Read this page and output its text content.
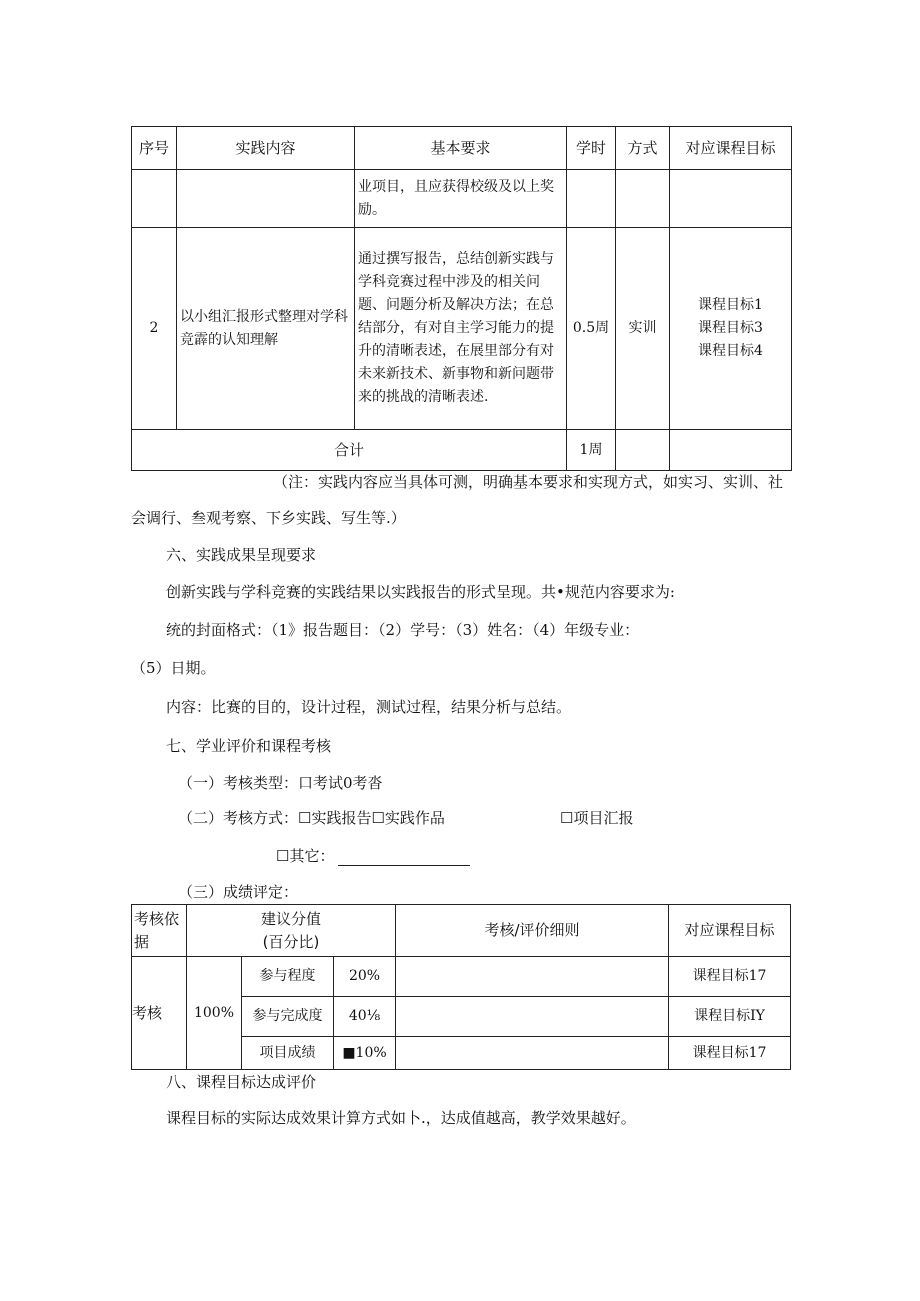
序号	实践内容	基本要求	学时	方式	对应课程目标
		业项目，且应获得校级及以上奖励。			
2	以小组汇报形式整理对学科竞霹的认知理解	通过撰写报告，总结创新实践与学科竞赛过程中涉及的相关问题、问题分析及解决方法；在总结部分，有对自主学习能力的提升的清晰表述，在展里部分有对未来新技术、新事物和新问题带来的挑战的清晰表述.	0.5周	实训	课程目标1
课程目标3
课程目标4

合计			1周		
（注：实践内容应当具体可测，明确基本要求和实现方式，如实习、实训、社
会调行、叁观考察、下乡实践、写生等.）
六、实践成果呈现要求
创新实践与学科竞赛的实践结果以实践报告的形式呈现。共•规范内容要求为:
统的封面格式：（1》报告题目：（2）学号：（3）姓名：（4）年级专业：
（5）日期。
内容：比赛的目的，设计过程，测试过程，结果分析与总结。
七、学业评价和课程考核
（一）考核类型：口考试0考沓
（二）考核方式：☐实践报告☐实践作品	☐项目汇报
☐其它：
（三）成绩评定：
考核依据	建议分值
(百分比)			考核/评价细则	对应课程目标
考核	100%	参与程度	20%		课程目标17
		参与完成度	40⅛		课程目标IY
		项目成绩	■10%		课程目标17
八、课程目标达成评价
课程目标的实际达成效果计算方式如卜.，达成值越高，教学效果越好。
